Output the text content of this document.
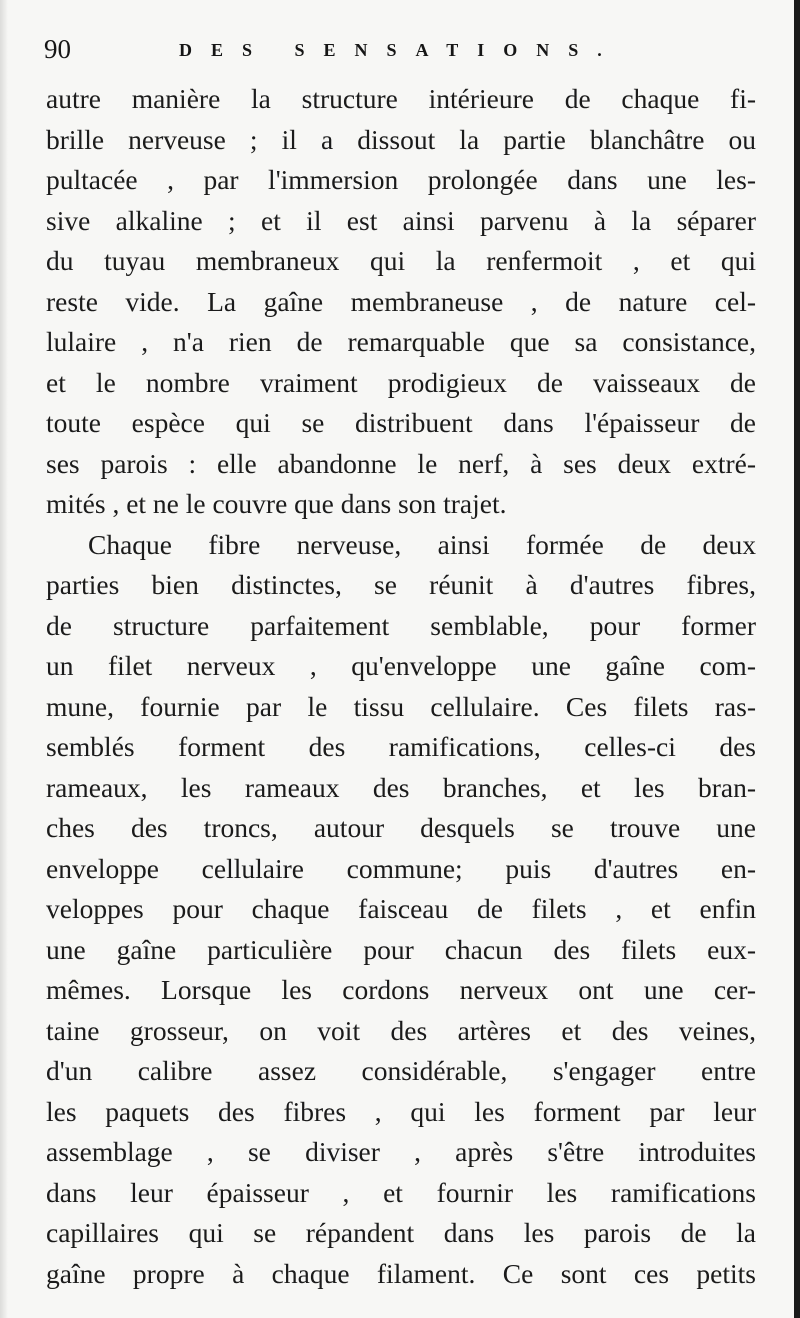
90	DES SENSATIONS.
autre manière la structure intérieure de chaque fi-
brille nerveuse ; il a dissout la partie blanchâtre ou
pultacée , par l'immersion prolongée dans une les-
sive alkaline ; et il est ainsi parvenu à la séparer
du tuyau membraneux qui la renfermoit , et qui
reste vide. La gaîne membraneuse , de nature cel-
lulaire , n'a rien de remarquable que sa consistance,
et le nombre vraiment prodigieux de vaisseaux de
toute espèce qui se distribuent dans l'épaisseur de
ses parois : elle abandonne le nerf, à ses deux extré-
mités , et ne le couvre que dans son trajet.
Chaque fibre nerveuse, ainsi formée de deux
parties bien distinctes, se réunit à d'autres fibres,
de structure parfaitement semblable, pour former
un filet nerveux , qu'enveloppe une gaîne com-
mune, fournie par le tissu cellulaire. Ces filets ras-
semblés forment des ramifications, celles-ci des
rameaux, les rameaux des branches, et les bran-
ches des troncs, autour desquels se trouve une
enveloppe cellulaire commune; puis d'autres en-
veloppes pour chaque faisceau de filets , et enfin
une gaîne particulière pour chacun des filets eux-
mêmes. Lorsque les cordons nerveux ont une cer-
taine grosseur, on voit des artères et des veines,
d'un calibre assez considérable, s'engager entre
les paquets des fibres , qui les forment par leur
assemblage , se diviser , après s'être introduites
dans leur épaisseur , et fournir les ramifications
capillaires qui se répandent dans les parois de la
gaîne propre à chaque filament. Ce sont ces petits
